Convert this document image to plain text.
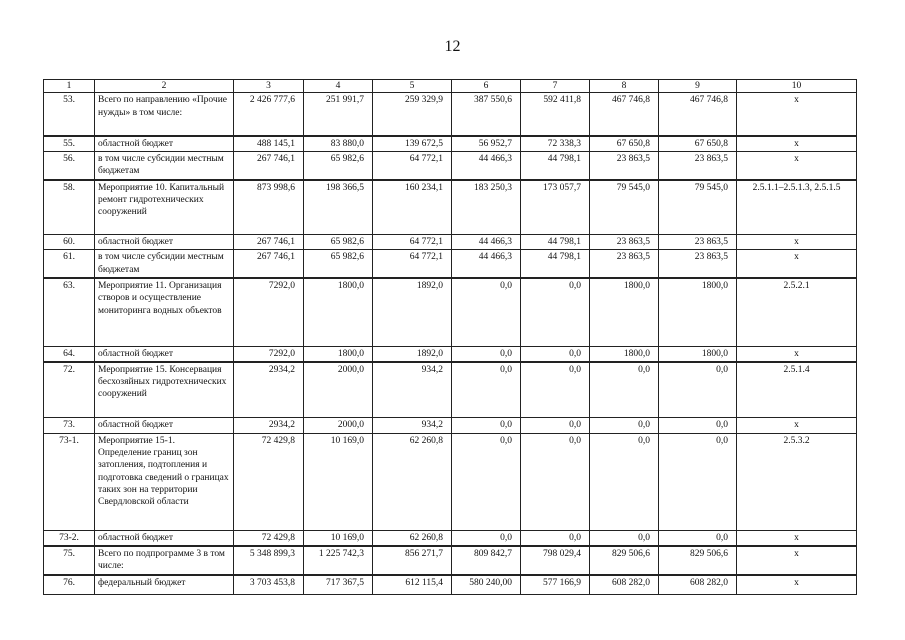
12
1	2	3	4	5	6	7	8	9	10
53.	Всего по направлению «Прочие нужды» в том числе:	2 426 777,6	251 991,7	259 329,9	387 550,6	592 411,8	467 746,8	467 746,8	х
55.	областной бюджет	488 145,1	83 880,0	139 672,5	56 952,7	72 338,3	67 650,8	67 650,8	х
56.	в том числе субсидии местным бюджетам	267 746,1	65 982,6	64 772,1	44 466,3	44 798,1	23 863,5	23 863,5	х
58.	Мероприятие 10. Капитальный ремонт гидротехнических сооружений	873 998,6	198 366,5	160 234,1	183 250,3	173 057,7	79 545,0	79 545,0	2.5.1.1–2.5.1.3, 2.5.1.5
60.	областной бюджет	267 746,1	65 982,6	64 772,1	44 466,3	44 798,1	23 863,5	23 863,5	х
61.	в том числе субсидии местным бюджетам	267 746,1	65 982,6	64 772,1	44 466,3	44 798,1	23 863,5	23 863,5	х
63.	Мероприятие 11. Организация створов и осуществление мониторинга водных объектов	7292,0	1800,0	1892,0	0,0	0,0	1800,0	1800,0	2.5.2.1
64.	областной бюджет	7292,0	1800,0	1892,0	0,0	0,0	1800,0	1800,0	х
72.	Мероприятие 15. Консервация бесхозяйных гидротехнических сооружений	2934,2	2000,0	934,2	0,0	0,0	0,0	0,0	2.5.1.4
73.	областной бюджет	2934,2	2000,0	934,2	0,0	0,0	0,0	0,0	х
73-1.	Мероприятие 15-1. Определение границ зон затопления, подтопления и подготовка сведений о границах таких зон на территории Свердловской области	72 429,8	10 169,0	62 260,8	0,0	0,0	0,0	0,0	2.5.3.2
73-2.	областной бюджет	72 429,8	10 169,0	62 260,8	0,0	0,0	0,0	0,0	х
75.	Всего по подпрограмме 3 в том числе:	5 348 899,3	1 225 742,3	856 271,7	809 842,7	798 029,4	829 506,6	829 506,6	х
76.	федеральный бюджет	3 703 453,8	717 367,5	612 115,4	580 240,00	577 166,9	608 282,0	608 282,0	х
